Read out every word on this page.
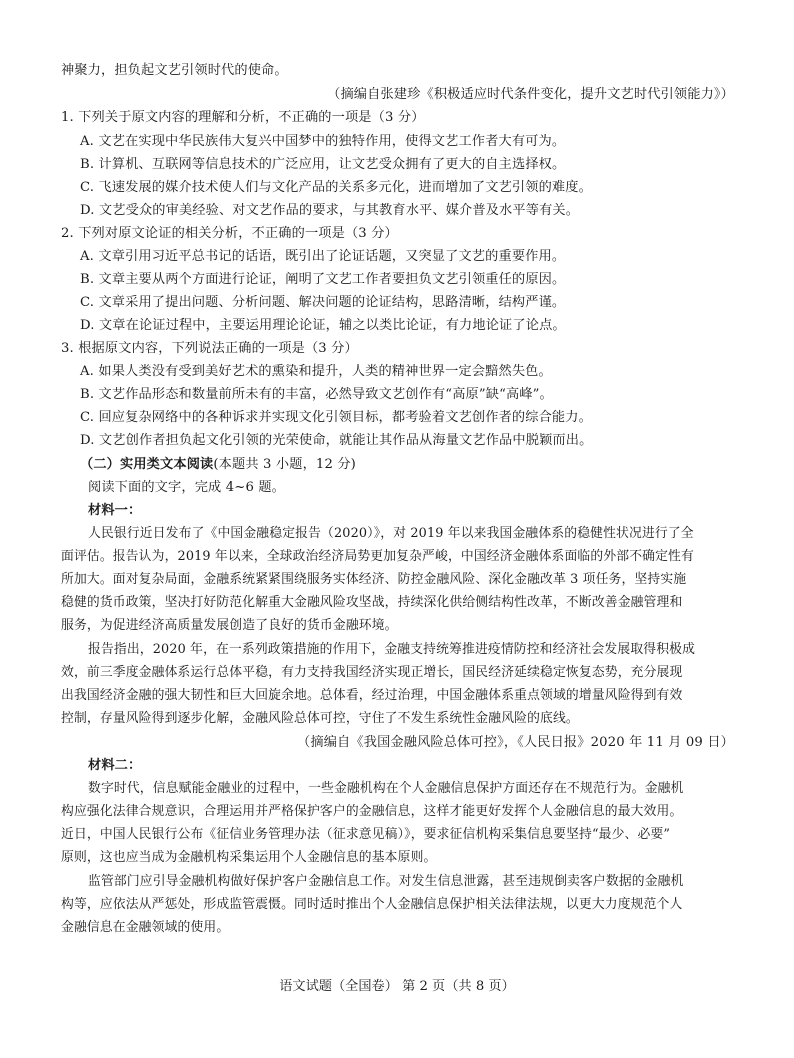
神聚力，担负起文艺引领时代的使命。

（摘编自张建珍《积极适应时代条件变化，提升文艺时代引领能力》）

1. 下列关于原文内容的理解和分析，不正确的一项是（3 分）

A. 文艺在实现中华民族伟大复兴中国梦中的独特作用，使得文艺工作者大有可为。

B. 计算机、互联网等信息技术的广泛应用，让文艺受众拥有了更大的自主选择权。

C. 飞速发展的媒介技术使人们与文化产品的关系多元化，进而增加了文艺引领的难度。

D. 文艺受众的审美经验、对文艺作品的要求，与其教育水平、媒介普及水平等有关。

2. 下列对原文论证的相关分析，不正确的一项是（3 分）

A. 文章引用习近平总书记的话语，既引出了论证话题，又突显了文艺的重要作用。

B. 文章主要从两个方面进行论证，阐明了文艺工作者要担负文艺引领重任的原因。

C. 文章采用了提出问题、分析问题、解决问题的论证结构，思路清晰，结构严谨。

D. 文章在论证过程中，主要运用理论论证，辅之以类比论证，有力地论证了论点。

3. 根据原文内容，下列说法正确的一项是（3 分）

A. 如果人类没有受到美好艺术的熏染和提升，人类的精神世界一定会黯然失色。

B. 文艺作品形态和数量前所未有的丰富，必然导致文艺创作有“高原”缺“高峰”。

C. 回应复杂网络中的各种诉求并实现文化引领目标，都考验着文艺创作者的综合能力。

D. 文艺创作者担负起文化引领的光荣使命，就能让其作品从海量文艺作品中脱颖而出。

（二）实用类文本阅读(本题共 3 小题，12 分)

阅读下面的文字，完成 4~6 题。

材料一：

人民银行近日发布了《中国金融稳定报告（2020）》，对 2019 年以来我国金融体系的稳健性状况进行了全

面评估。报告认为，2019 年以来，全球政治经济局势更加复杂严峻，中国经济金融体系面临的外部不确定性有

所加大。面对复杂局面，金融系统紧紧围绕服务实体经济、防控金融风险、深化金融改革 3 项任务，坚持实施

稳健的货币政策，坚决打好防范化解重大金融风险攻坚战，持续深化供给侧结构性改革，不断改善金融管理和

服务，为促进经济高质量发展创造了良好的货币金融环境。

报告指出，2020 年，在一系列政策措施的作用下，金融支持统筹推进疫情防控和经济社会发展取得积极成

效，前三季度金融体系运行总体平稳，有力支持我国经济实现正增长，国民经济延续稳定恢复态势，充分展现

出我国经济金融的强大韧性和巨大回旋余地。总体看，经过治理，中国金融体系重点领域的增量风险得到有效

控制，存量风险得到逐步化解，金融风险总体可控，守住了不发生系统性金融风险的底线。

（摘编自《我国金融风险总体可控》，《人民日报》2020 年 11 月 09 日）

材料二：

数字时代，信息赋能金融业的过程中，一些金融机构在个人金融信息保护方面还存在不规范行为。金融机

构应强化法律合规意识，合理运用并严格保护客户的金融信息，这样才能更好发挥个人金融信息的最大效用。

近日，中国人民银行公布《征信业务管理办法（征求意见稿）》，要求征信机构采集信息要坚持“最少、必要”

原则，这也应当成为金融机构采集运用个人金融信息的基本原则。

监管部门应引导金融机构做好保护客户金融信息工作。对发生信息泄露，甚至违规倒卖客户数据的金融机

构等，应依法从严惩处，形成监管震慑。同时适时推出个人金融信息保护相关法律法规，以更大力度规范个人

金融信息在金融领域的使用。

语文试题（全国卷） 第 2 页（共 8 页）
